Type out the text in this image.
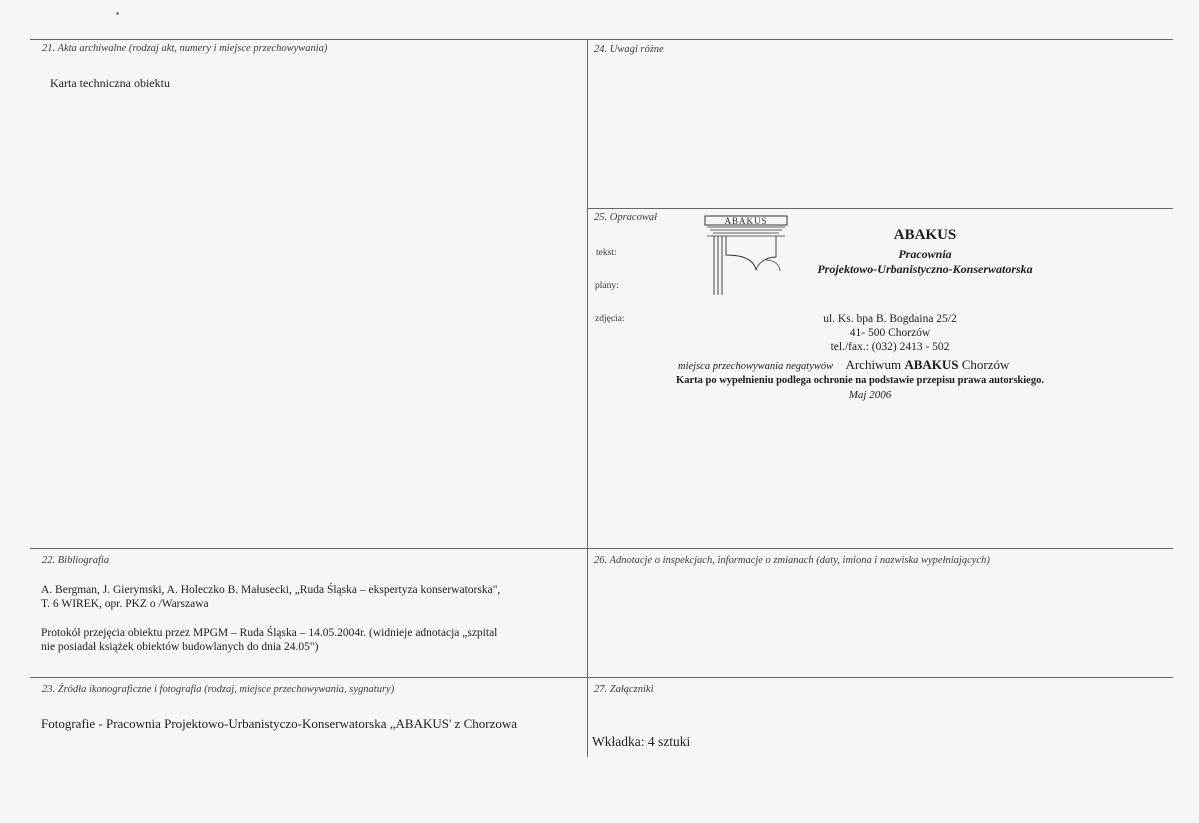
21. Akta archiwalne (rodzaj akt, numery i miejsce przechowywania)
Karta techniczna obiektu
24. Uwagi różne
25. Opracował
tekst:
plany:
zdjęcia:
ABAKUS
ABAKUS
Pracownia
Projektowo-Urbanistyczno-Konserwatorska
ul. Ks. bpa B. Bogdaina 25/2
41- 500 Chorzów
tel./fax.: (032) 2413 - 502
miejsca przechowywania negatywów Archiwum ABAKUS Chorzów
Karta po wypełnieniu podlega ochronie na podstawie przepisu prawa autorskiego.
Maj 2006
22. Bibliografia
A. Bergman, J. Gierymski, A. Holeczko B. Małusecki, „Ruda Śląska – ekspertyza konserwatorska",
T. 6 WIREK, opr. PKZ o /Warszawa
Protokół przejęcia obiektu przez MPGM – Ruda Śląska – 14.05.2004r. (widnieje adnotacja „szpital
nie posiadał książek obiektów budowlanych do dnia 24.05")
26. Adnotacje o inspekcjach, informacje o zmianach (daty, imiona i nazwiska wypełniających)
23. Źródła ikonograficzne i fotografia (rodzaj, miejsce przechowywania, sygnatury)
Fotografie - Pracownia Projektowo-Urbanistyczo-Konserwatorska „ABAKUS' z Chorzowa
27. Załączniki
Wkładka: 4 sztuki
